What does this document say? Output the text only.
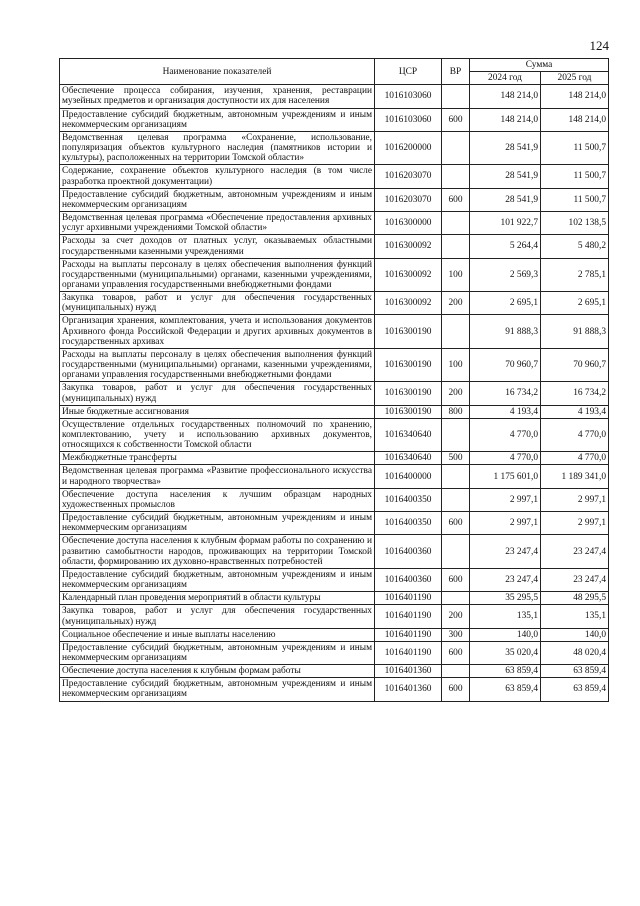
124
Наименование показателей	ЦСР	ВР	Сумма	
			2024 год	2025 год
Обеспечение процесса собирания, изучения, хранения, реставрации музейных предметов и организация доступности их для населения	1016103060		148 214,0	148 214,0
Предоставление субсидий бюджетным, автономным учреждениям и иным некоммерческим организациям	1016103060	600	148 214,0	148 214,0
Ведомственная целевая программа «Сохранение, использование, популяризация объектов культурного наследия (памятников истории и культуры), расположенных на территории Томской области»	1016200000		28 541,9	11 500,7
Содержание, сохранение объектов культурного наследия (в том числе разработка проектной документации)	1016203070		28 541,9	11 500,7
Предоставление субсидий бюджетным, автономным учреждениям и иным некоммерческим организациям	1016203070	600	28 541,9	11 500,7
Ведомственная целевая программа «Обеспечение предоставления архивных услуг архивными учреждениями Томской области»	1016300000		101 922,7	102 138,5
Расходы за счет доходов от платных услуг, оказываемых областными государственными казенными учреждениями	1016300092		5 264,4	5 480,2
Расходы на выплаты персоналу в целях обеспечения выполнения функций государственными (муниципальными) органами, казенными учреждениями, органами управления государственными внебюджетными фондами	1016300092	100	2 569,3	2 785,1
Закупка товаров, работ и услуг для обеспечения государственных (муниципальных) нужд	1016300092	200	2 695,1	2 695,1
Организация хранения, комплектования, учета и использования документов Архивного фонда Российской Федерации и других архивных документов в государственных архивах	1016300190		91 888,3	91 888,3
Расходы на выплаты персоналу в целях обеспечения выполнения функций государственными (муниципальными) органами, казенными учреждениями, органами управления государственными внебюджетными фондами	1016300190	100	70 960,7	70 960,7
Закупка товаров, работ и услуг для обеспечения государственных (муниципальных) нужд	1016300190	200	16 734,2	16 734,2
Иные бюджетные ассигнования	1016300190	800	4 193,4	4 193,4
Осуществление отдельных государственных полномочий по хранению, комплектованию, учету и использованию архивных документов, относящихся к собственности Томской области	1016340640		4 770,0	4 770,0
Межбюджетные трансферты	1016340640	500	4 770,0	4 770,0
Ведомственная целевая программа «Развитие профессионального искусства и народного творчества»	1016400000		1 175 601,0	1 189 341,0
Обеспечение доступа населения к лучшим образцам народных художественных промыслов	1016400350		2 997,1	2 997,1
Предоставление субсидий бюджетным, автономным учреждениям и иным некоммерческим организациям	1016400350	600	2 997,1	2 997,1
Обеспечение доступа населения к клубным формам работы по сохранению и развитию самобытности народов, проживающих на территории Томской области, формированию их духовно-нравственных потребностей	1016400360		23 247,4	23 247,4
Предоставление субсидий бюджетным, автономным учреждениям и иным некоммерческим организациям	1016400360	600	23 247,4	23 247,4
Календарный план проведения мероприятий в области культуры	1016401190		35 295,5	48 295,5
Закупка товаров, работ и услуг для обеспечения государственных (муниципальных) нужд	1016401190	200	135,1	135,1
Социальное обеспечение и иные выплаты населению	1016401190	300	140,0	140,0
Предоставление субсидий бюджетным, автономным учреждениям и иным некоммерческим организациям	1016401190	600	35 020,4	48 020,4
Обеспечение доступа населения к клубным формам работы	1016401360		63 859,4	63 859,4
Предоставление субсидий бюджетным, автономным учреждениям и иным некоммерческим организациям	1016401360	600	63 859,4	63 859,4
